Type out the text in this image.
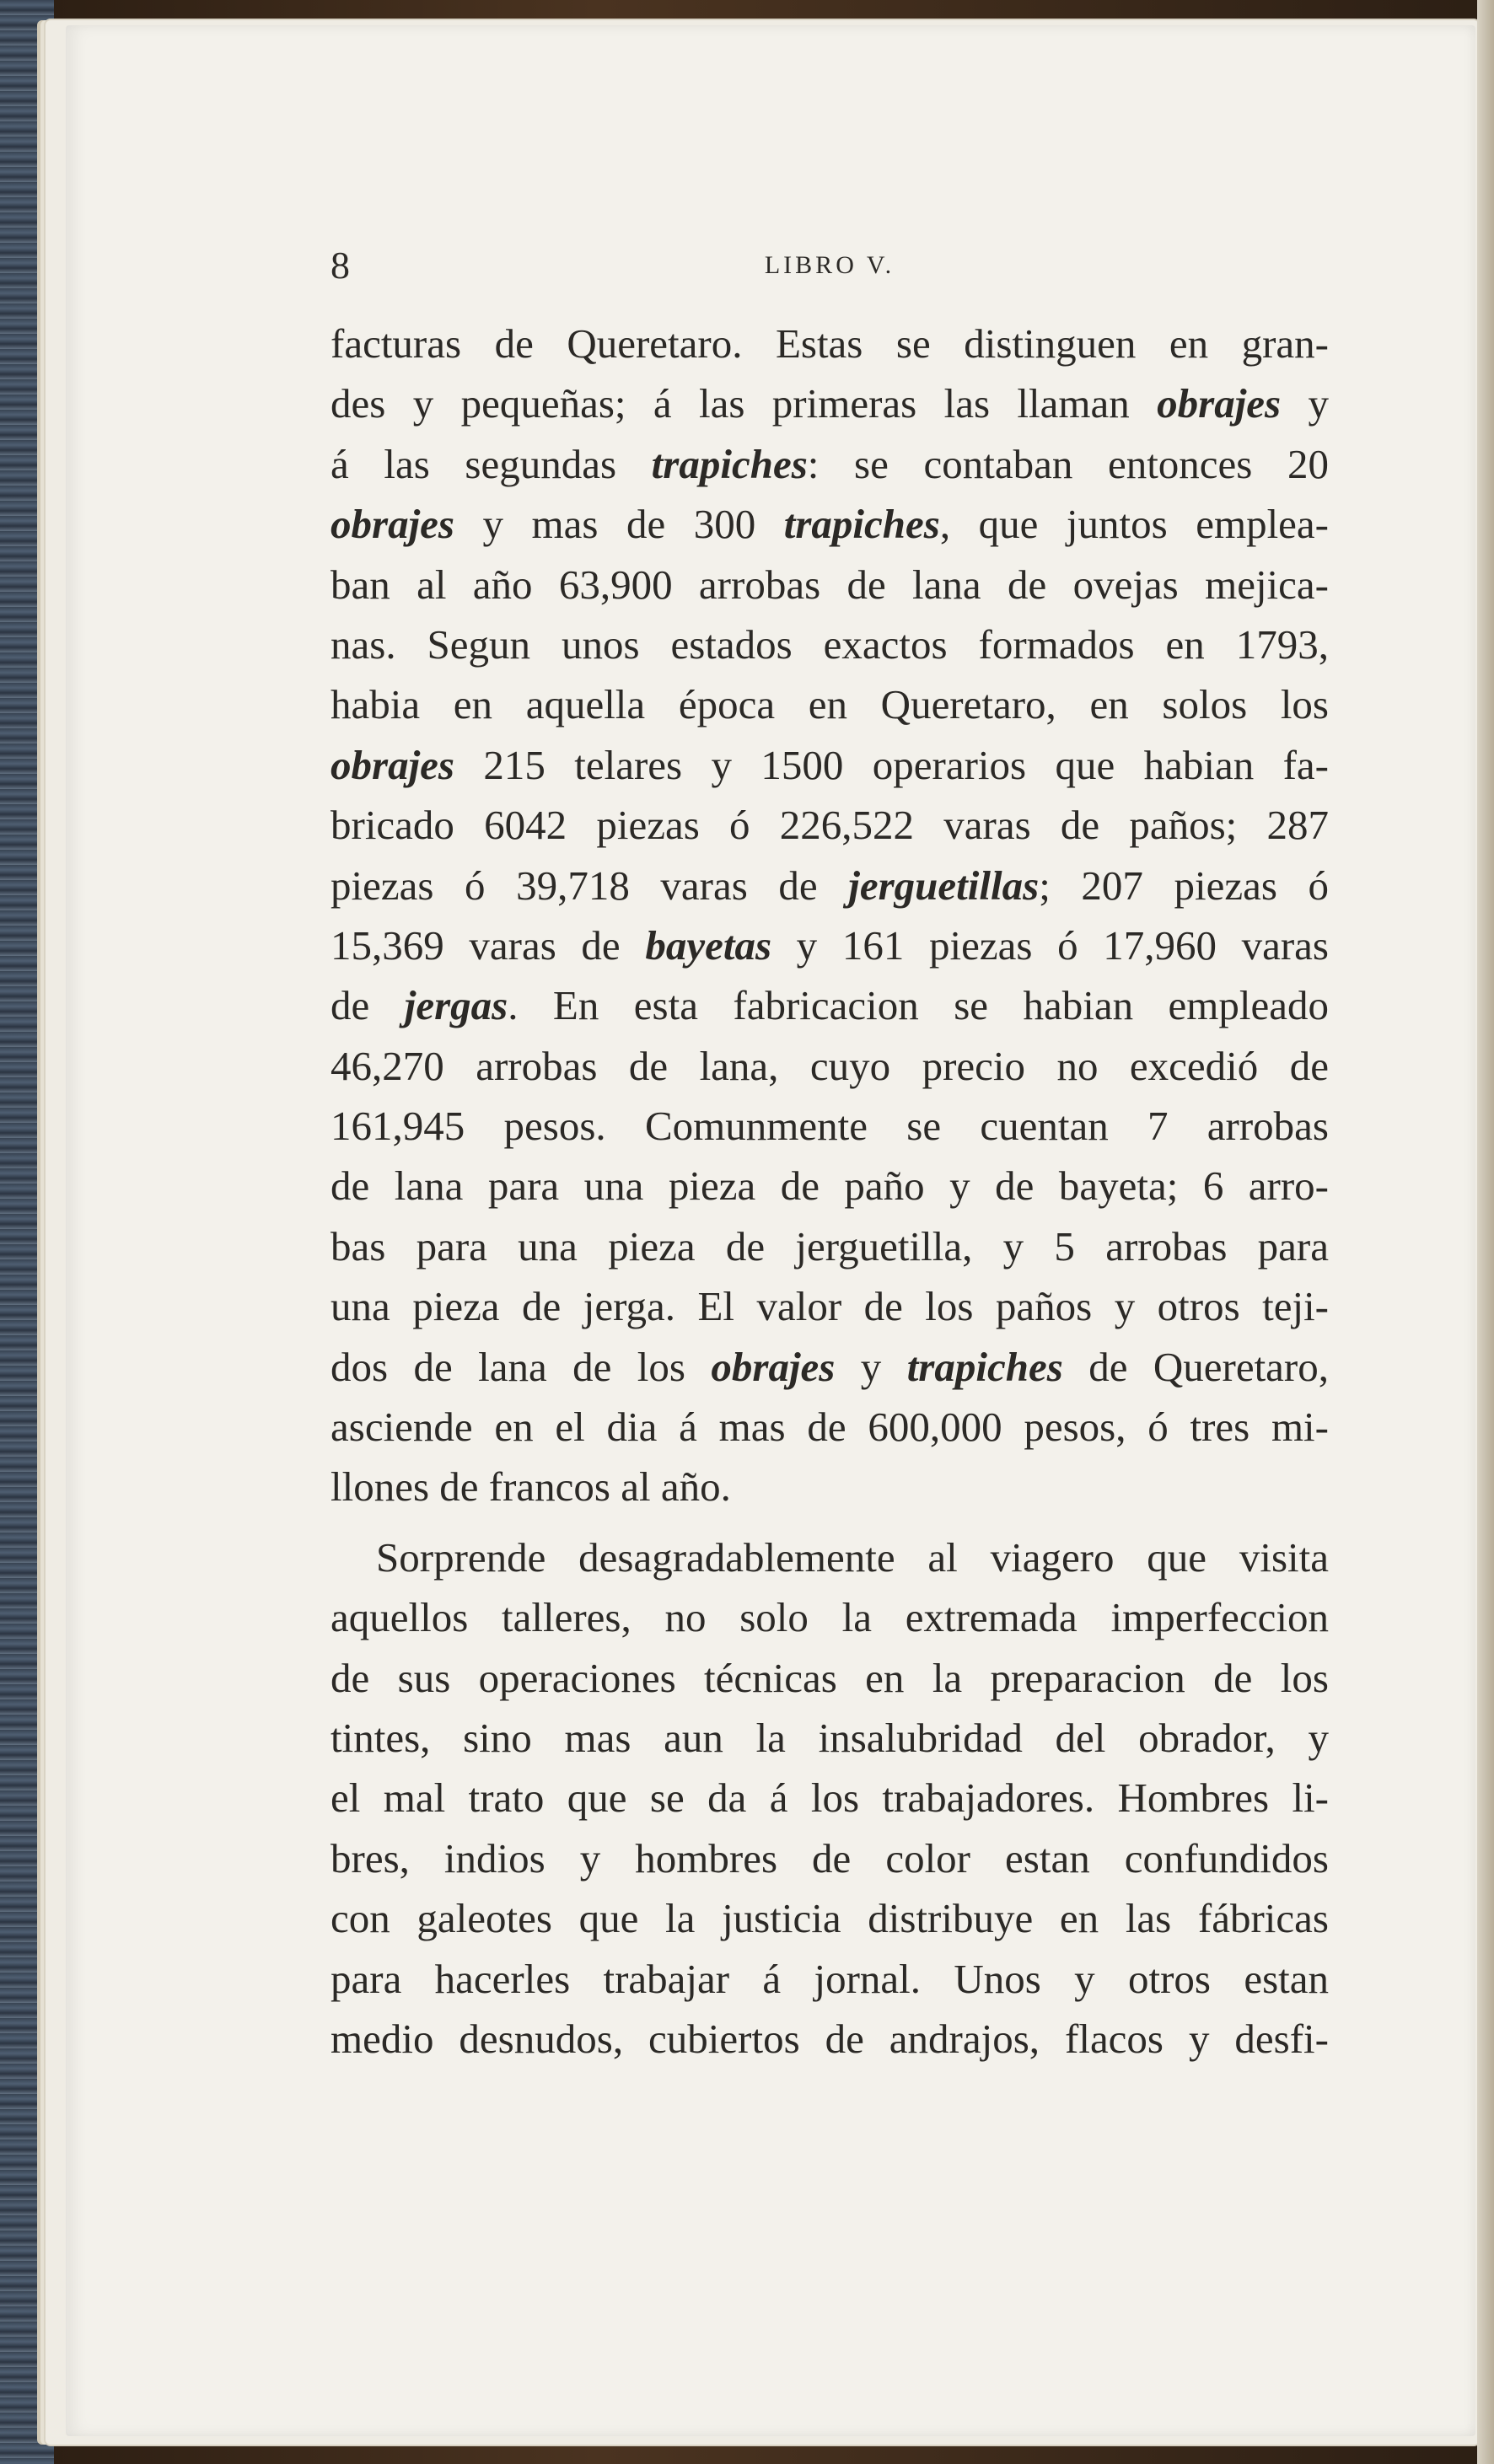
8	LIBRO V.
facturas de Queretaro. Estas se distinguen en gran-
des y pequeñas; á las primeras las llaman obrajes y
á las segundas trapiches: se contaban entonces 20
obrajes y mas de 300 trapiches, que juntos emplea-
ban al año 63,900 arrobas de lana de ovejas mejica-
nas. Segun unos estados exactos formados en 1793,
habia en aquella época en Queretaro, en solos los
obrajes 215 telares y 1500 operarios que habian fa-
bricado 6042 piezas ó 226,522 varas de paños; 287
piezas ó 39,718 varas de jerguetillas; 207 piezas ó
15,369 varas de bayetas y 161 piezas ó 17,960 varas
de jergas. En esta fabricacion se habian empleado
46,270 arrobas de lana, cuyo precio no excedió de
161,945 pesos. Comunmente se cuentan 7 arrobas
de lana para una pieza de paño y de bayeta; 6 arro-
bas para una pieza de jerguetilla, y 5 arrobas para
una pieza de jerga. El valor de los paños y otros teji-
dos de lana de los obrajes y trapiches de Queretaro,
asciende en el dia á mas de 600,000 pesos, ó tres mi-
llones de francos al año.
Sorprende desagradablemente al viagero que visita
aquellos talleres, no solo la extremada imperfeccion
de sus operaciones técnicas en la preparacion de los
tintes, sino mas aun la insalubridad del obrador, y
el mal trato que se da á los trabajadores. Hombres li-
bres, indios y hombres de color estan confundidos
con galeotes que la justicia distribuye en las fábricas
para hacerles trabajar á jornal. Unos y otros estan
medio desnudos, cubiertos de andrajos, flacos y desfi-
